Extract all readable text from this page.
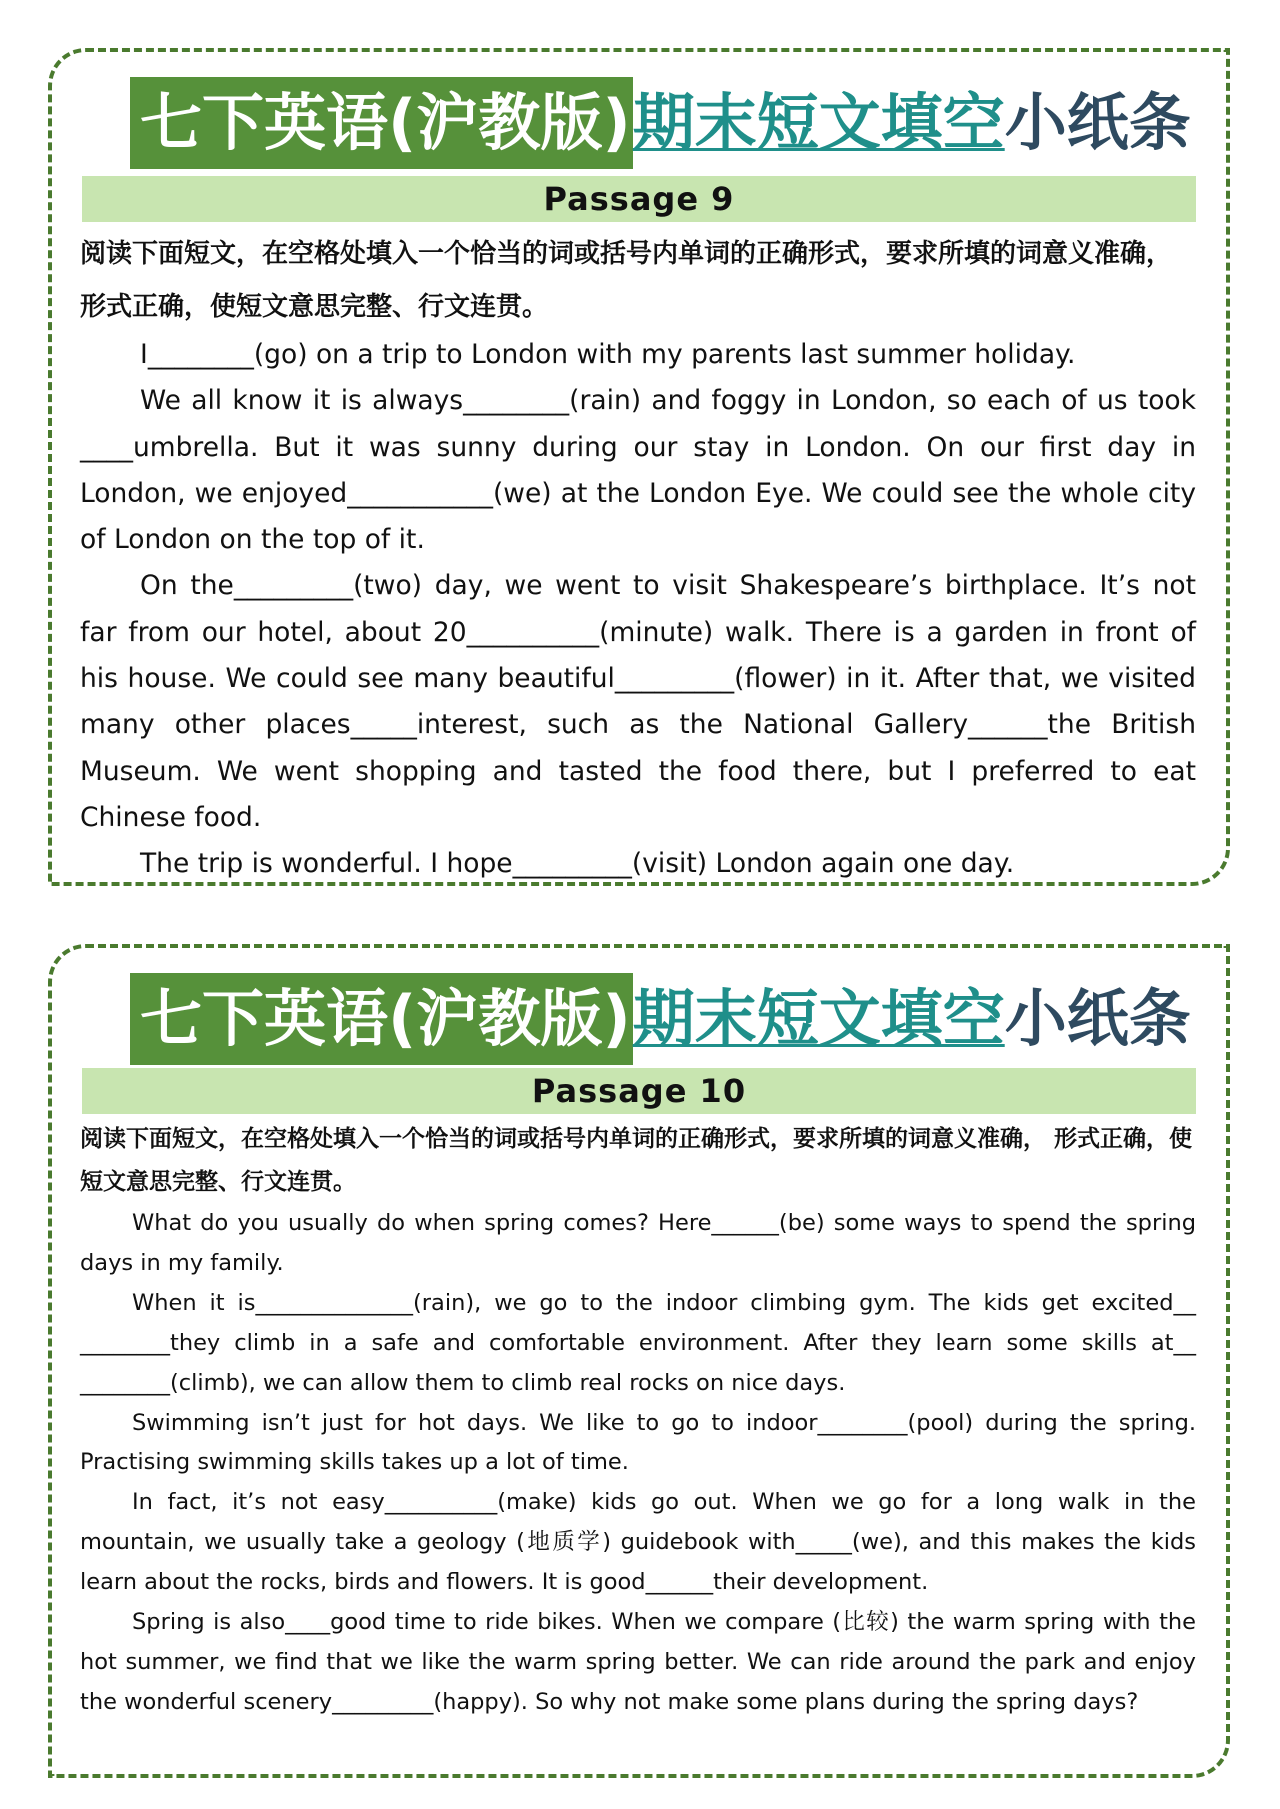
七下英语(沪教版) 期末短文填空 小纸条
Passage 9

阅读下面短文，在空格处填入一个恰当的词或括号内单词的正确形式，要求所填的词意义准确， 形式正确，使短文意思完整、行文连贯。

I________(go) on a trip to London with my parents last summer holiday.

We all know it is always________(rain) and foggy in London, so each of us took ____umbrella. But it was sunny during our stay in London. On our first day in London, we enjoyed___________(we) at the London Eye. We could see the whole city of London on the top of it.

On the_________(two) day, we went to visit Shakespeare’s birthplace. It’s not far from our hotel, about 20__________(minute) walk. There is a garden in front of his house. We could see many beautiful_________(flower) in it. After that, we visited many other places_____interest, such as the National Gallery______the British Museum. We went shopping and tasted the food there, but I preferred to eat Chinese food.

The trip is wonderful. I hope_________(visit) London again one day.

七下英语(沪教版) 期末短文填空 小纸条
Passage 10

阅读下面短文，在空格处填入一个恰当的词或括号内单词的正确形式，要求所填的词意义准确， 形式正确，使短文意思完整、行文连贯。

What do you usually do when spring comes? Here______(be) some ways to spend the spring days in my family.

When it is______________(rain), we go to the indoor climbing gym. The kids get excited__ ________they climb in a safe and comfortable environment. After they learn some skills at__ ________(climb), we can allow them to climb real rocks on nice days.

Swimming isn’t just for hot days. We like to go to indoor________(pool) during the spring. Practising swimming skills takes up a lot of time.

In fact, it’s not easy__________(make) kids go out. When we go for a long walk in the mountain, we usually take a geology (地质学) guidebook with_____(we), and this makes the kids learn about the rocks, birds and flowers. It is good______their development.

Spring is also____good time to ride bikes. When we compare (比较) the warm spring with the hot summer, we find that we like the warm spring better. We can ride around the park and enjoy the wonderful scenery_________(happy). So why not make some plans during the spring days?
